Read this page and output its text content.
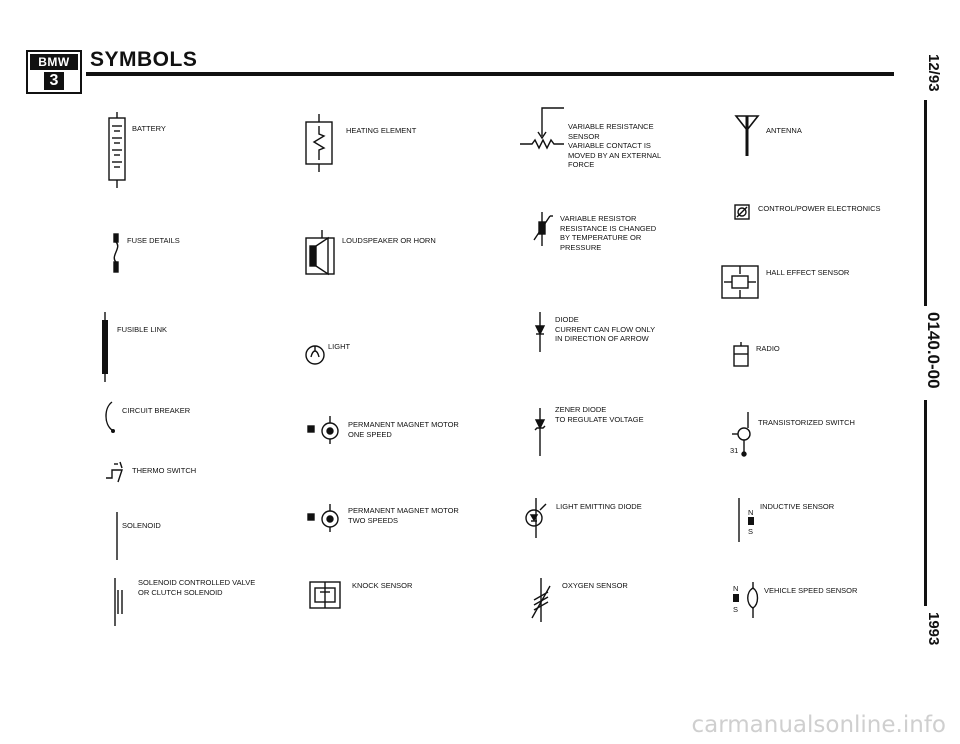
BMW
3
SYMBOLS	12/93
0140.0-00
1993
BATTERY
FUSE DETAILS
FUSIBLE LINK
CIRCUIT BREAKER
THERMO SWITCH
SOLENOID
SOLENOID CONTROLLED VALVE
OR CLUTCH SOLENOID
HEATING ELEMENT
LOUDSPEAKER OR HORN
LIGHT
PERMANENT MAGNET MOTOR
ONE SPEED
PERMANENT MAGNET MOTOR
TWO SPEEDS
KNOCK SENSOR
VARIABLE RESISTANCE
SENSOR
VARIABLE CONTACT IS
MOVED BY AN EXTERNAL
FORCE
VARIABLE RESISTOR
RESISTANCE IS CHANGED
BY TEMPERATURE OR
PRESSURE
DIODE
CURRENT CAN FLOW ONLY
IN DIRECTION OF ARROW
ZENER DIODE
TO REGULATE VOLTAGE
LIGHT EMITTING DIODE
OXYGEN SENSOR
ANTENNA
CONTROL/POWER ELECTRONICS
HALL EFFECT SENSOR
RADIO
31
TRANSISTORIZED SWITCH
N
S
INDUCTIVE SENSOR
N
S
VEHICLE SPEED SENSOR
carmanualsonline.info
